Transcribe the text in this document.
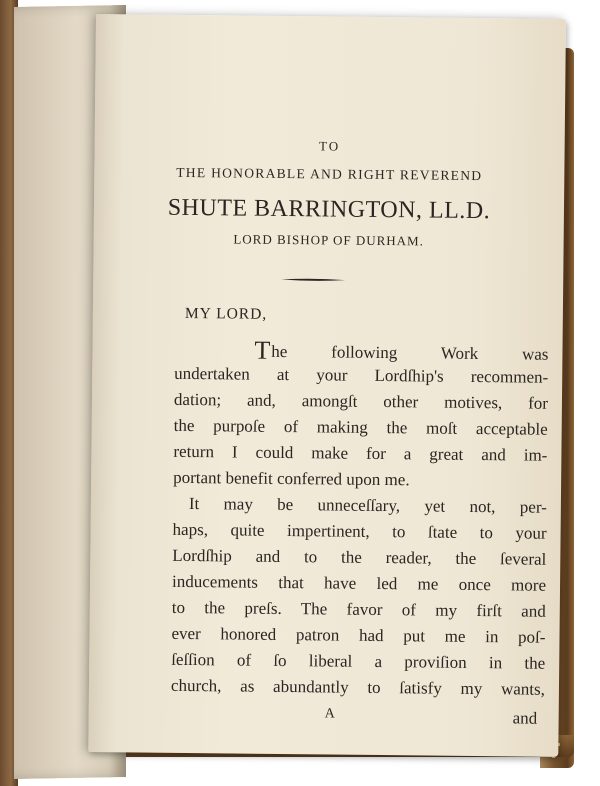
TO
THE HONORABLE AND RIGHT REVEREND
SHUTE BARRINGTON, LL.D.
LORD BISHOP OF DURHAM.
MY LORD,
The following Work was
undertaken at your Lordſhip's recommen-
dation; and, amongſt other motives, for
the purpoſe of making the moſt acceptable
return I could make for a great and im-
portant benefit conferred upon me.
It may be unneceſſary, yet not, per-
haps, quite impertinent, to ſtate to your
Lordſhip and to the reader, the ſeveral
inducements that have led me once more
to the preſs. The favor of my firſt and
ever honored patron had put me in poſ-
ſeſſion of ſo liberal a proviſion in the
church, as abundantly to ſatisfy my wants,
A	and
